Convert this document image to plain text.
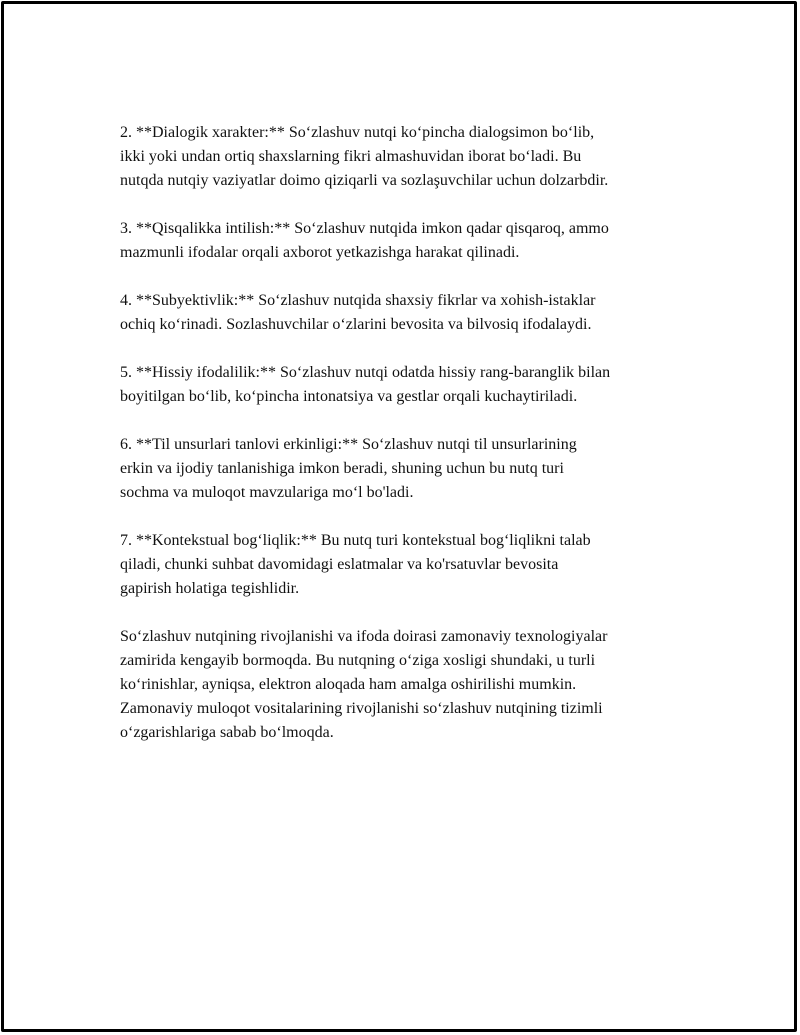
2. **Dialogik xarakter:** So‘zlashuv nutqi ko‘pincha dialogsimon bo‘lib,
ikki yoki undan ortiq shaxslarning fikri almashuvidan iborat bo‘ladi. Bu
nutqda nutqiy vaziyatlar doimo qiziqarli va sozlaşuvchilar uchun dolzarbdir.

3. **Qisqalikka intilish:** So‘zlashuv nutqida imkon qadar qisqaroq, ammo
mazmunli ifodalar orqali axborot yetkazishga harakat qilinadi.

4. **Subyektivlik:** So‘zlashuv nutqida shaxsiy fikrlar va xohish-istaklar
ochiq ko‘rinadi. Sozlashuvchilar o‘zlarini bevosita va bilvosiq ifodalaydi.

5. **Hissiy ifodalilik:** So‘zlashuv nutqi odatda hissiy rang-baranglik bilan
boyitilgan bo‘lib, ko‘pincha intonatsiya va gestlar orqali kuchaytiriladi.

6. **Til unsurlari tanlovi erkinligi:** So‘zlashuv nutqi til unsurlarining
erkin va ijodiy tanlanishiga imkon beradi, shuning uchun bu nutq turi
sochma va muloqot mavzulariga mo‘l bo'ladi.

7. **Kontekstual bog‘liqlik:** Bu nutq turi kontekstual bog‘liqlikni talab
qiladi, chunki suhbat davomidagi eslatmalar va ko'rsatuvlar bevosita
gapirish holatiga tegishlidir.

So‘zlashuv nutqining rivojlanishi va ifoda doirasi zamonaviy texnologiyalar
zamirida kengayib bormoqda. Bu nutqning o‘ziga xosligi shundaki, u turli
ko‘rinishlar, ayniqsa, elektron aloqada ham amalga oshirilishi mumkin.
Zamonaviy muloqot vositalarining rivojlanishi so‘zlashuv nutqining tizimli
o‘zgarishlariga sabab bo‘lmoqda.
